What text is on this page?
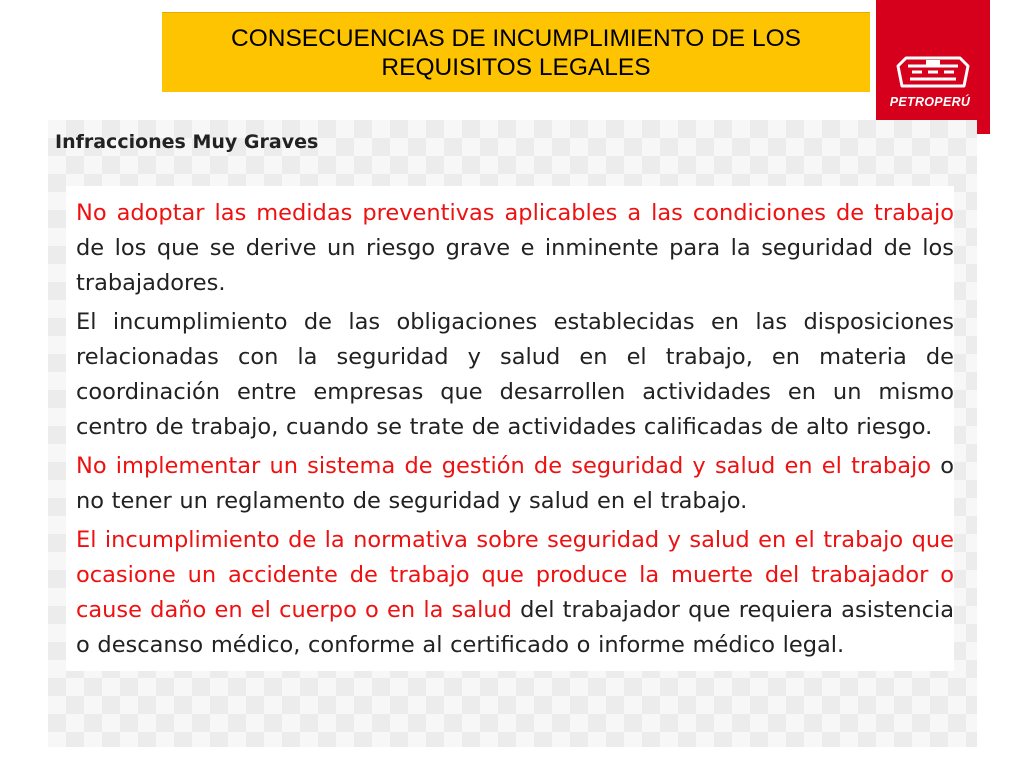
CONSECUENCIAS DE INCUMPLIMIENTO DE LOS REQUISITOS LEGALES
PETROPERÚ
Infracciones Muy Graves

No adoptar las medidas preventivas aplicables a las condiciones de trabajo de los que se derive un riesgo grave e inminente para la seguridad de los trabajadores.

El incumplimiento de las obligaciones establecidas en las disposiciones relacionadas con la seguridad y salud en el trabajo, en materia de coordinación entre empresas que desarrollen actividades en un mismo centro de trabajo, cuando se trate de actividades calificadas de alto riesgo.

No implementar un sistema de gestión de seguridad y salud en el trabajo o no tener un reglamento de seguridad y salud en el trabajo.

El incumplimiento de la normativa sobre seguridad y salud en el trabajo que ocasione un accidente de trabajo que produce la muerte del trabajador o cause daño en el cuerpo o en la salud del trabajador que requiera asistencia o descanso médico, conforme al certificado o informe médico legal.
